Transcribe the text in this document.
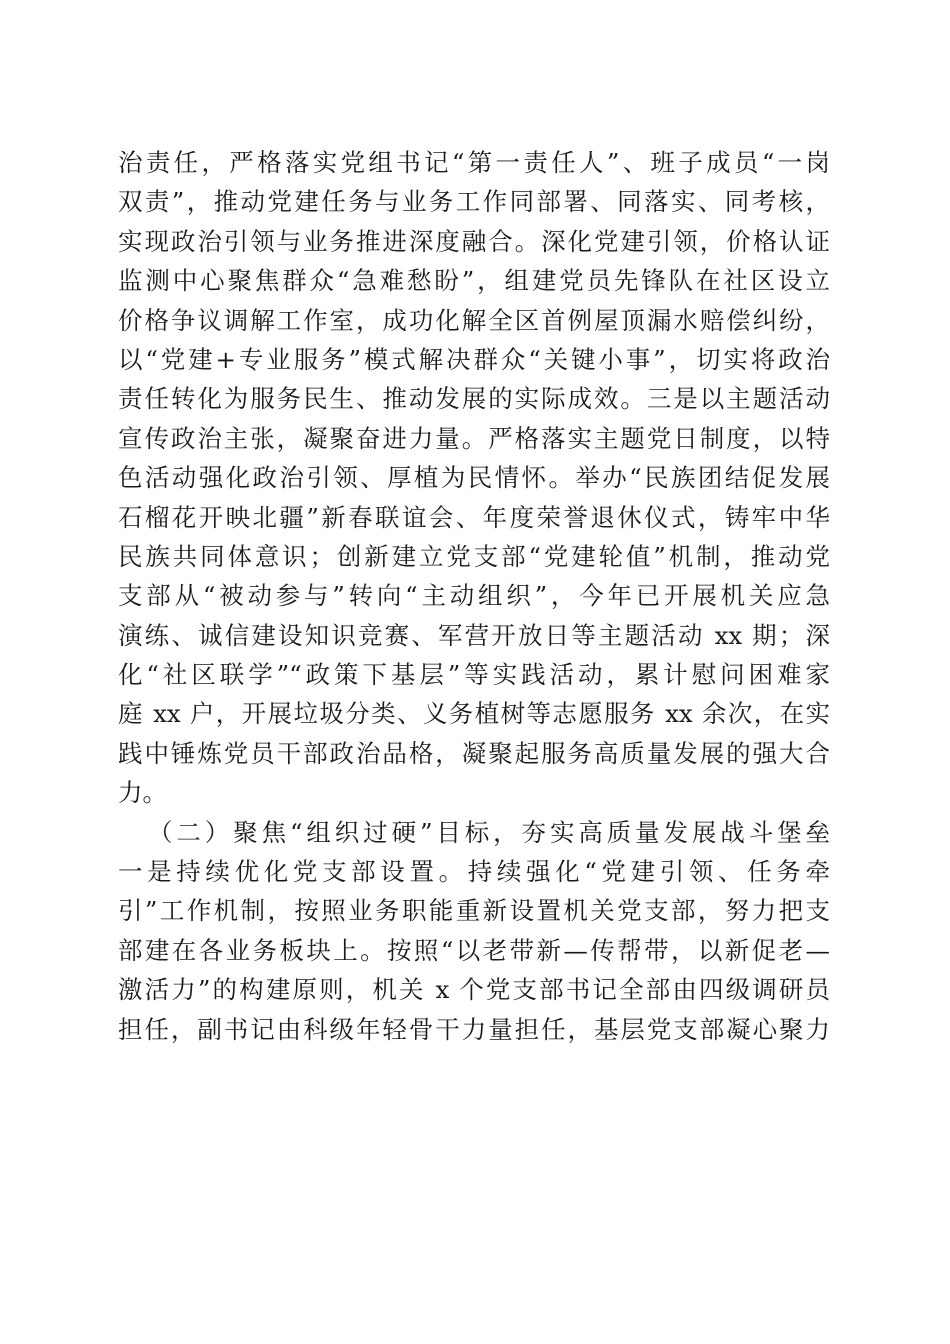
治责任，严格落实党组书记“第一责任人”、班子成员“一岗
双责”，推动党建任务与业务工作同部署、同落实、同考核，
实现政治引领与业务推进深度融合。深化党建引领，价格认证
监测中心聚焦群众“急难愁盼”，组建党员先锋队在社区设立
价格争议调解工作室，成功化解全区首例屋顶漏水赔偿纠纷，
以“党建+专业服务”模式解决群众“关键小事”，切实将政治
责任转化为服务民生、推动发展的实际成效。三是以主题活动
宣传政治主张，凝聚奋进力量。严格落实主题党日制度，以特
色活动强化政治引领、厚植为民情怀。举办“民族团结促发展
石榴花开映北疆”新春联谊会、年度荣誉退休仪式，铸牢中华
民族共同体意识；创新建立党支部“党建轮值”机制，推动党
支部从“被动参与”转向“主动组织”，今年已开展机关应急
演练、诚信建设知识竞赛、军营开放日等主题活动 xx 期；深
化“社区联学”“政策下基层”等实践活动，累计慰问困难家
庭 xx 户，开展垃圾分类、义务植树等志愿服务 xx 余次，在实
践中锤炼党员干部政治品格，凝聚起服务高质量发展的强大合
力。
（二）聚焦“组织过硬”目标，夯实高质量发展战斗堡垒
一是持续优化党支部设置。持续强化“党建引领、任务牵
引”工作机制，按照业务职能重新设置机关党支部，努力把支
部建在各业务板块上。按照“以老带新—传帮带，以新促老—
激活力”的构建原则，机关 x 个党支部书记全部由四级调研员
担任，副书记由科级年轻骨干力量担任，基层党支部凝心聚力
